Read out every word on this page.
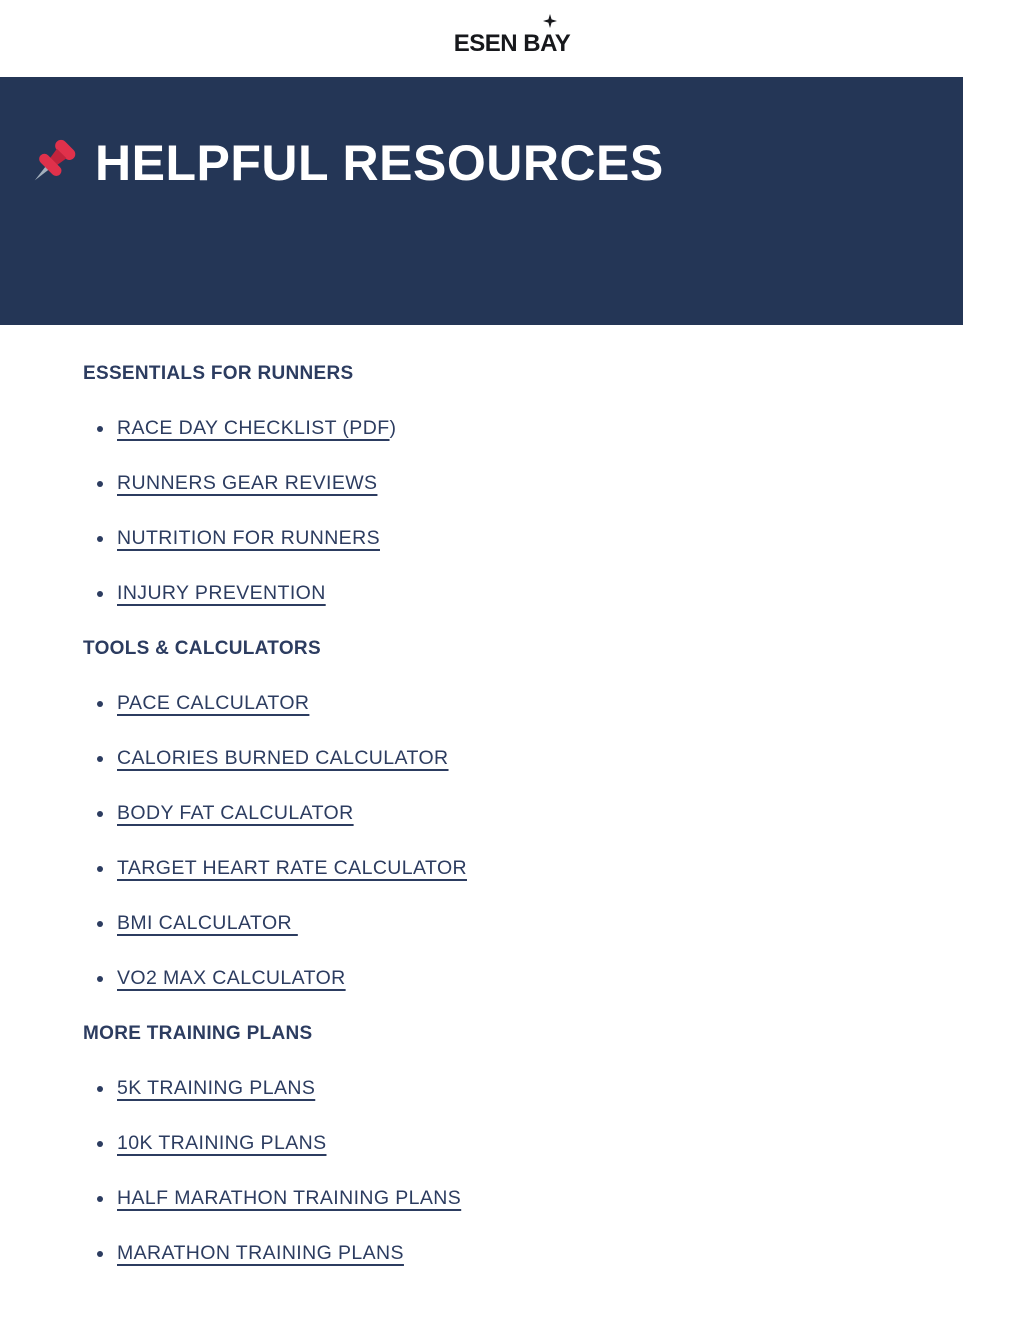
ESEN BAY
HELPFUL RESOURCES
ESSENTIALS FOR RUNNERS
RACE DAY CHECKLIST (PDF)
RUNNERS GEAR REVIEWS
NUTRITION FOR RUNNERS
INJURY PREVENTION
TOOLS & CALCULATORS
PACE CALCULATOR
CALORIES BURNED CALCULATOR
BODY FAT CALCULATOR
TARGET HEART RATE CALCULATOR
BMI CALCULATOR
VO2 MAX CALCULATOR
MORE TRAINING PLANS
5K TRAINING PLANS
10K TRAINING PLANS
HALF MARATHON TRAINING PLANS
MARATHON TRAINING PLANS
